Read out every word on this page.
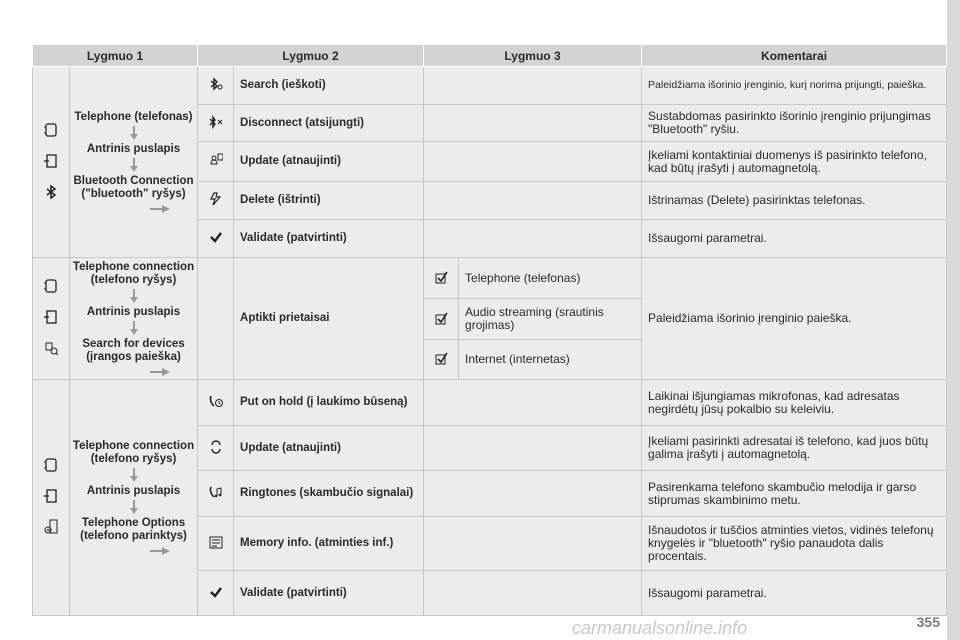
Lygmuo 1		Lygmuo 2		Lygmuo 3		Komentarai

Telephone (telefonas)
Antrinis puslapis
Bluetooth Connection ("bluetooth" ryšys)		Search (ieškoti)			Paleidžiama išorinio įrenginio, kurį norima prijungti, paieška.
	Disconnect (atsijungti)			Sustabdomas pasirinkto išorinio įrenginio prijungimas "Bluetooth" ryšiu.
	Update (atnaujinti)			Įkeliami kontaktiniai duomenys iš pasirinkto telefono, kad būtų įrašyti į automagnetolą.
	Delete (ištrinti)			Ištrinamas (Delete) pasirinktas telefonas.
	Validate (patvirtinti)			Išsaugomi parametrai.

Telephone connection (telefono ryšys)
Antrinis puslapis
Search for devices (įrangos paieška)		Aptikti prietaisai		Telephone (telefonas)	Paleidžiama išorinio įrenginio paieška.
	Audio streaming (srautinis grojimas)	
	Internet (internetas)	

Telephone connection (telefono ryšys)
Antrinis puslapis
Telephone Options (telefono parinktys)		Put on hold (į laukimo būseną)			Laikinai išjungiamas mikrofonas, kad adresatas negirdėtų jūsų pokalbio su keleiviu.
	Update (atnaujinti)			Įkeliami pasirinkti adresatai iš telefono, kad juos būtų galima įrašyti į automagnetolą.
	Ringtones (skambučio signalai)			Pasirenkama telefono skambučio melodija ir garso stiprumas skambinimo metu.
	Memory info. (atminties inf.)			Išnaudotos ir tuščios atminties vietos, vidinės telefonų knygelės ir "bluetooth" ryšio panaudota dalis procentais.
	Validate (patvirtinti)			Išsaugomi parametrai.
carmanualsonline.info	355
